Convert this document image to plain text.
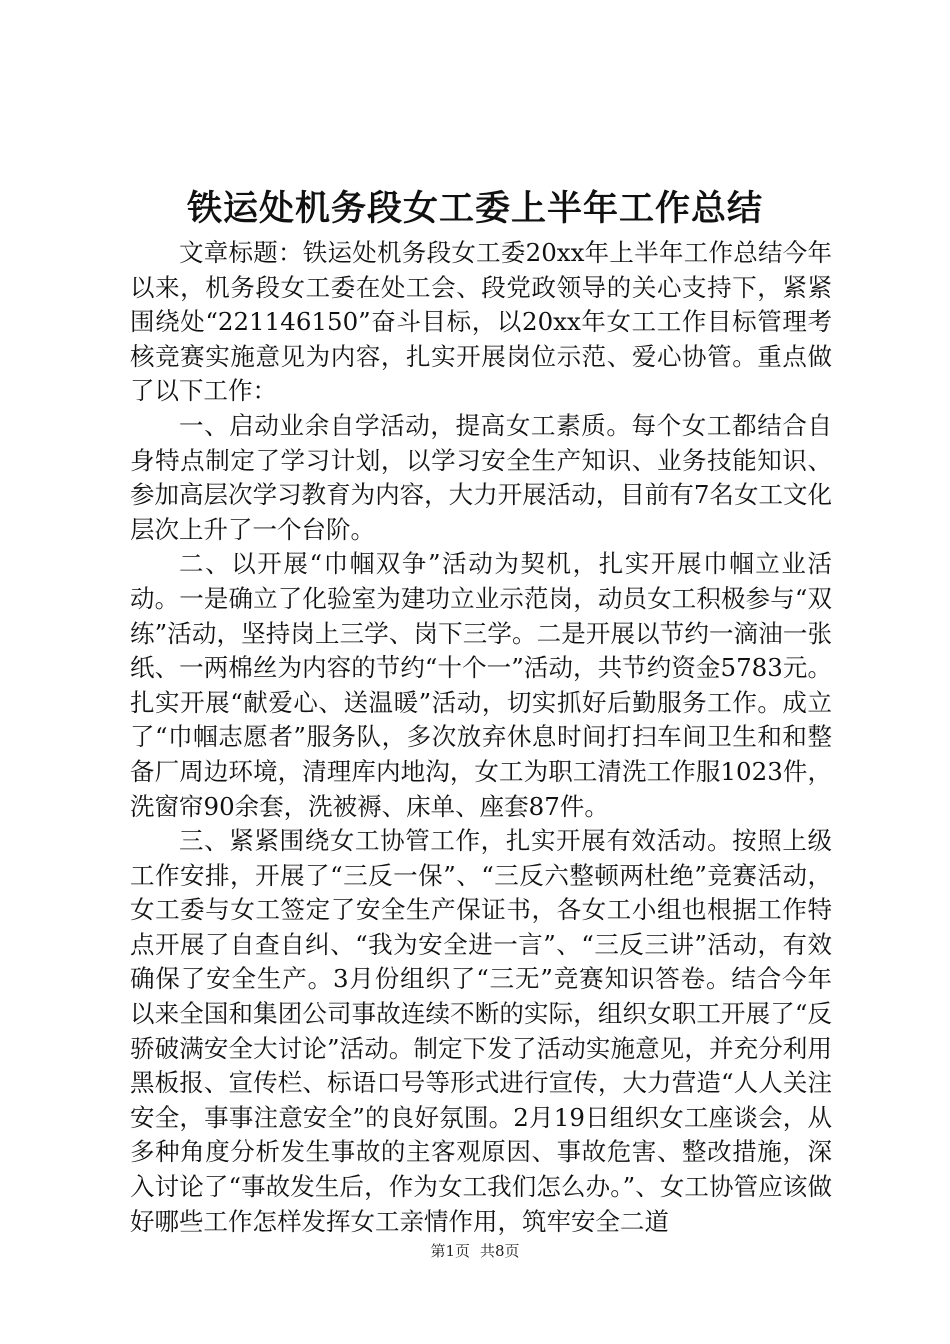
铁运处机务段女工委上半年工作总结

文章标题：铁运处机务段女工委20xx年上半年工作总结今年以来，机务段女工委在处工会、段党政领导的关心支持下，紧紧围绕处“221146150”奋斗目标，以20xx年女工工作目标管理考核竞赛实施意见为内容，扎实开展岗位示范、爱心协管。重点做了以下工作：

一、启动业余自学活动，提高女工素质。每个女工都结合自身特点制定了学习计划，以学习安全生产知识、业务技能知识、参加高层次学习教育为内容，大力开展活动，目前有7名女工文化层次上升了一个台阶。

二、以开展“巾帼双争”活动为契机，扎实开展巾帼立业活动。一是确立了化验室为建功立业示范岗，动员女工积极参与“双练”活动，坚持岗上三学、岗下三学。二是开展以节约一滴油一张纸、一两棉丝为内容的节约“十个一”活动，共节约资金5783元。扎实开展“献爱心、送温暖”活动，切实抓好后勤服务工作。成立了“巾帼志愿者”服务队，多次放弃休息时间打扫车间卫生和和整备厂周边环境，清理库内地沟，女工为职工清洗工作服1023件，洗窗帘90余套，洗被褥、床单、座套87件。

三、紧紧围绕女工协管工作，扎实开展有效活动。按照上级工作安排，开展了“三反一保”、“三反六整顿两杜绝”竞赛活动，女工委与女工签定了安全生产保证书，各女工小组也根据工作特点开展了自查自纠、“我为安全进一言”、“三反三讲”活动，有效确保了安全生产。3月份组织了“三无”竞赛知识答卷。结合今年以来全国和集团公司事故连续不断的实际，组织女职工开展了“反骄破满安全大讨论”活动。制定下发了活动实施意见，并充分利用黑板报、宣传栏、标语口号等形式进行宣传，大力营造“人人关注安全，事事注意安全”的良好氛围。2月19日组织女工座谈会，从多种角度分析发生事故的主客观原因、事故危害、整改措施，深入讨论了“事故发生后，作为女工我们怎么办。”、女工协管应该做好哪些工作怎样发挥女工亲情作用，筑牢安全二道

第1页 共8页
